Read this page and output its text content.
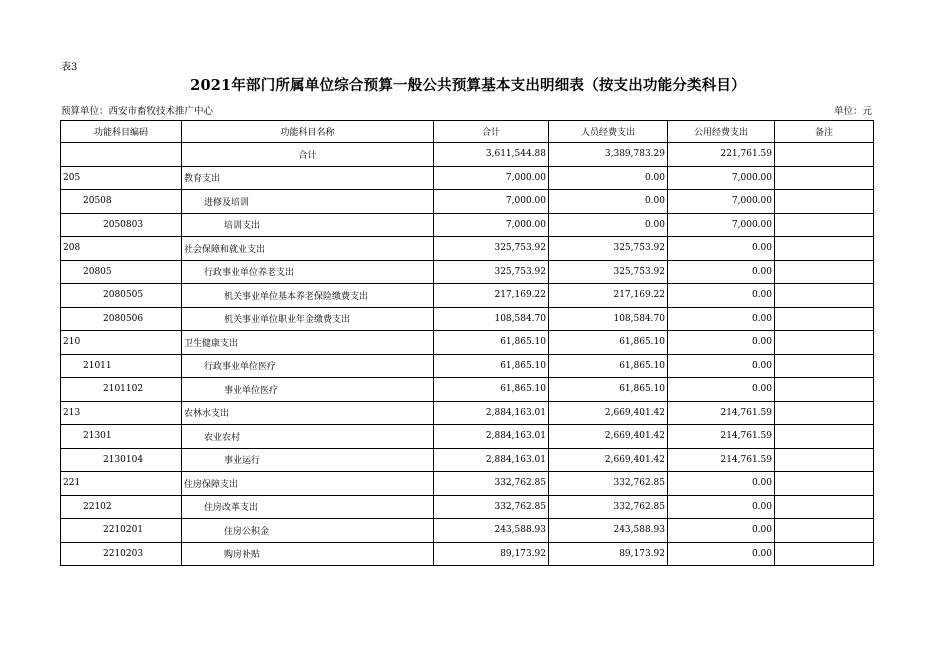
表3
2021年部门所属单位综合预算一般公共预算基本支出明细表（按支出功能分类科目）
预算单位：西安市畜牧技术推广中心	单位：元
功能科目编码	功能科目名称	合计	人员经费支出	公用经费支出	备注
	合计	3,611,544.88	3,389,783.29	221,761.59	
205	教育支出	7,000.00	0.00	7,000.00	
20508	进修及培训	7,000.00	0.00	7,000.00	
2050803	培训支出	7,000.00	0.00	7,000.00	
208	社会保障和就业支出	325,753.92	325,753.92	0.00	
20805	行政事业单位养老支出	325,753.92	325,753.92	0.00	
2080505	机关事业单位基本养老保险缴费支出	217,169.22	217,169.22	0.00	
2080506	机关事业单位职业年金缴费支出	108,584.70	108,584.70	0.00	
210	卫生健康支出	61,865.10	61,865.10	0.00	
21011	行政事业单位医疗	61,865.10	61,865.10	0.00	
2101102	事业单位医疗	61,865.10	61,865.10	0.00	
213	农林水支出	2,884,163.01	2,669,401.42	214,761.59	
21301	农业农村	2,884,163.01	2,669,401.42	214,761.59	
2130104	事业运行	2,884,163.01	2,669,401.42	214,761.59	
221	住房保障支出	332,762.85	332,762.85	0.00	
22102	住房改革支出	332,762.85	332,762.85	0.00	
2210201	住房公积金	243,588.93	243,588.93	0.00	
2210203	购房补贴	89,173.92	89,173.92	0.00	
